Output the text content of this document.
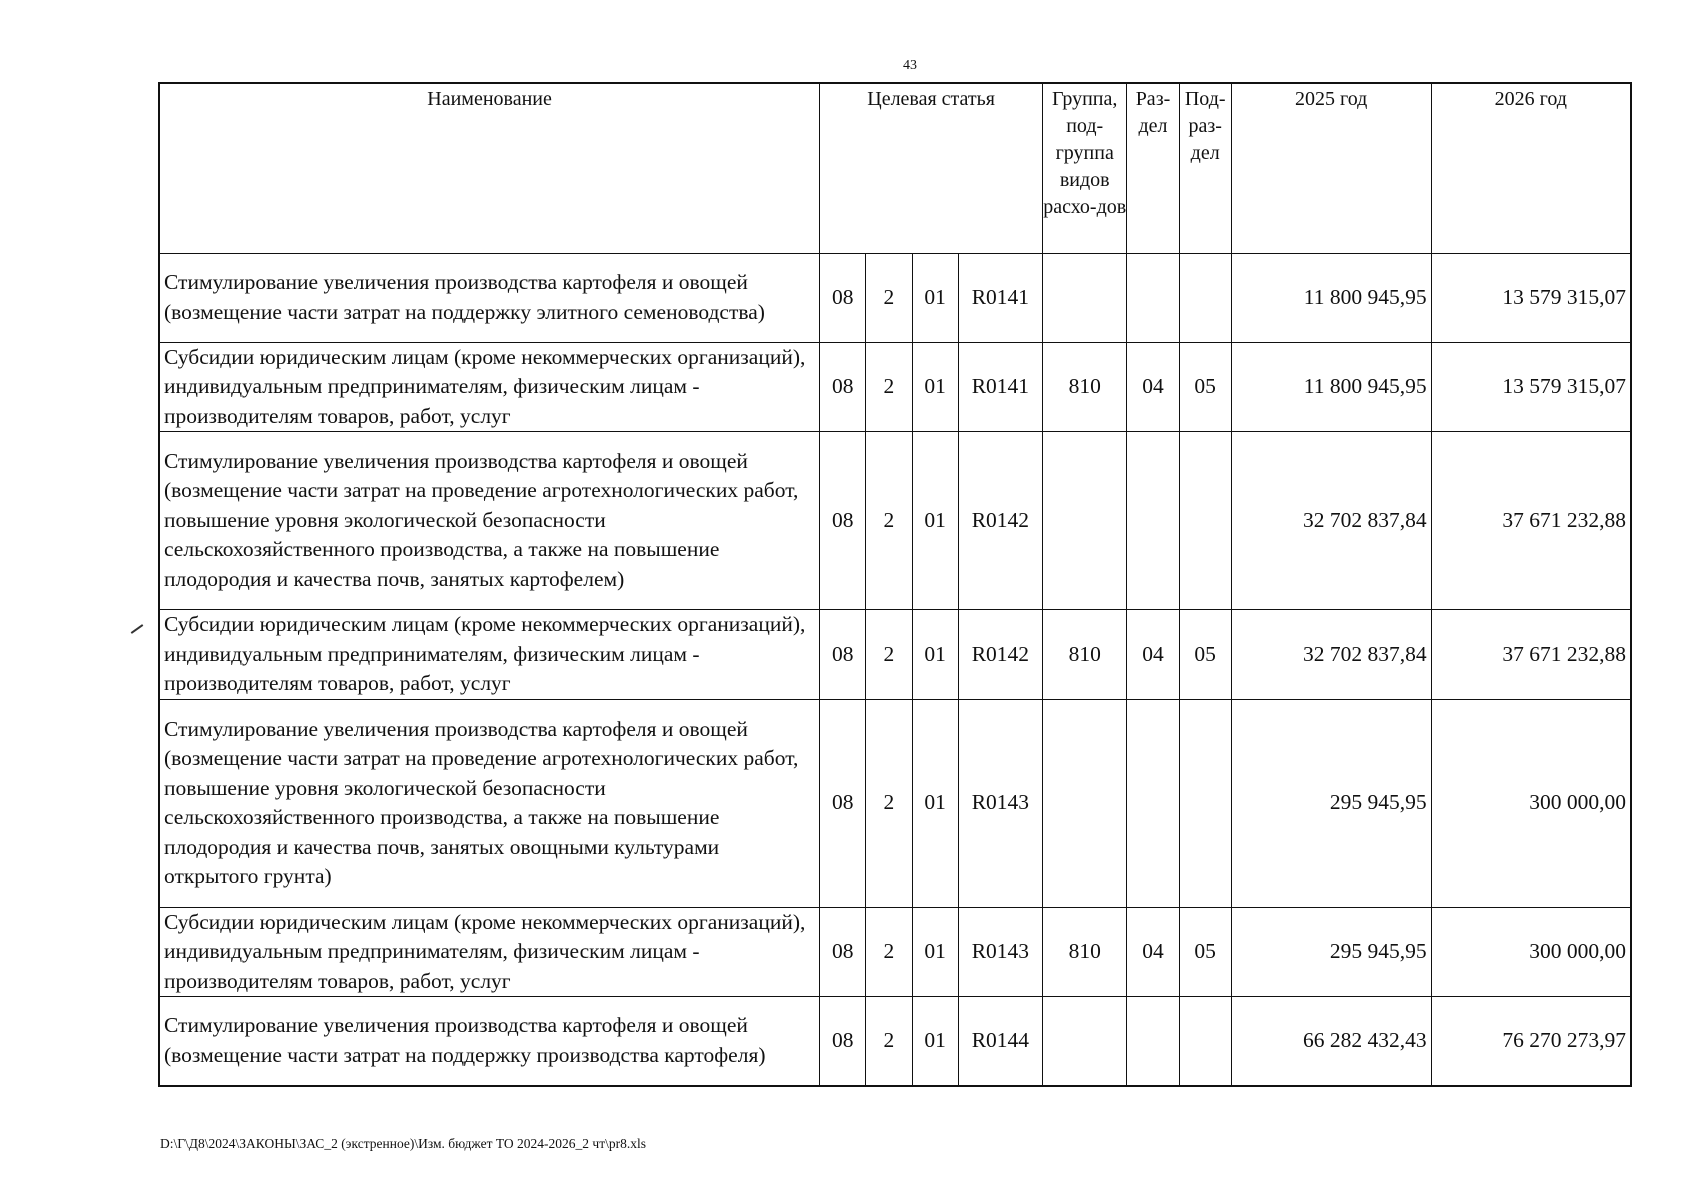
43
Наименование	Целевая статья				Группа, под-группа видов расхо-дов	Раз-дел	Под-раз-дел	2025 год	2026 год
Стимулирование увеличения производства картофеля и овощей (возмещение части затрат на поддержку элитного семеноводства)	08	2	01	R0141				11 800 945,95	13 579 315,07
Субсидии юридическим лицам (кроме некоммерческих организаций), индивидуальным предпринимателям, физическим лицам - производителям товаров, работ, услуг	08	2	01	R0141	810	04	05	11 800 945,95	13 579 315,07
Стимулирование увеличения производства картофеля и овощей (возмещение части затрат на проведение агротехнологических работ, повышение уровня экологической безопасности сельскохозяйственного производства, а также на повышение плодородия и качества почв, занятых картофелем)	08	2	01	R0142				32 702 837,84	37 671 232,88
Субсидии юридическим лицам (кроме некоммерческих организаций), индивидуальным предпринимателям, физическим лицам - производителям товаров, работ, услуг	08	2	01	R0142	810	04	05	32 702 837,84	37 671 232,88
Стимулирование увеличения производства картофеля и овощей (возмещение части затрат на проведение агротехнологических работ, повышение уровня экологической безопасности сельскохозяйственного производства, а также на повышение плодородия и качества почв, занятых овощными культурами открытого грунта)	08	2	01	R0143				295 945,95	300 000,00
Субсидии юридическим лицам (кроме некоммерческих организаций), индивидуальным предпринимателям, физическим лицам - производителям товаров, работ, услуг	08	2	01	R0143	810	04	05	295 945,95	300 000,00
Стимулирование увеличения производства картофеля и овощей (возмещение части затрат на поддержку производства картофеля)	08	2	01	R0144				66 282 432,43	76 270 273,97
D:\Г\Д8\2024\ЗАКОНЫ\ЗАС_2 (экстренное)\Изм. бюджет ТО 2024-2026_2 чт\pr8.xls
